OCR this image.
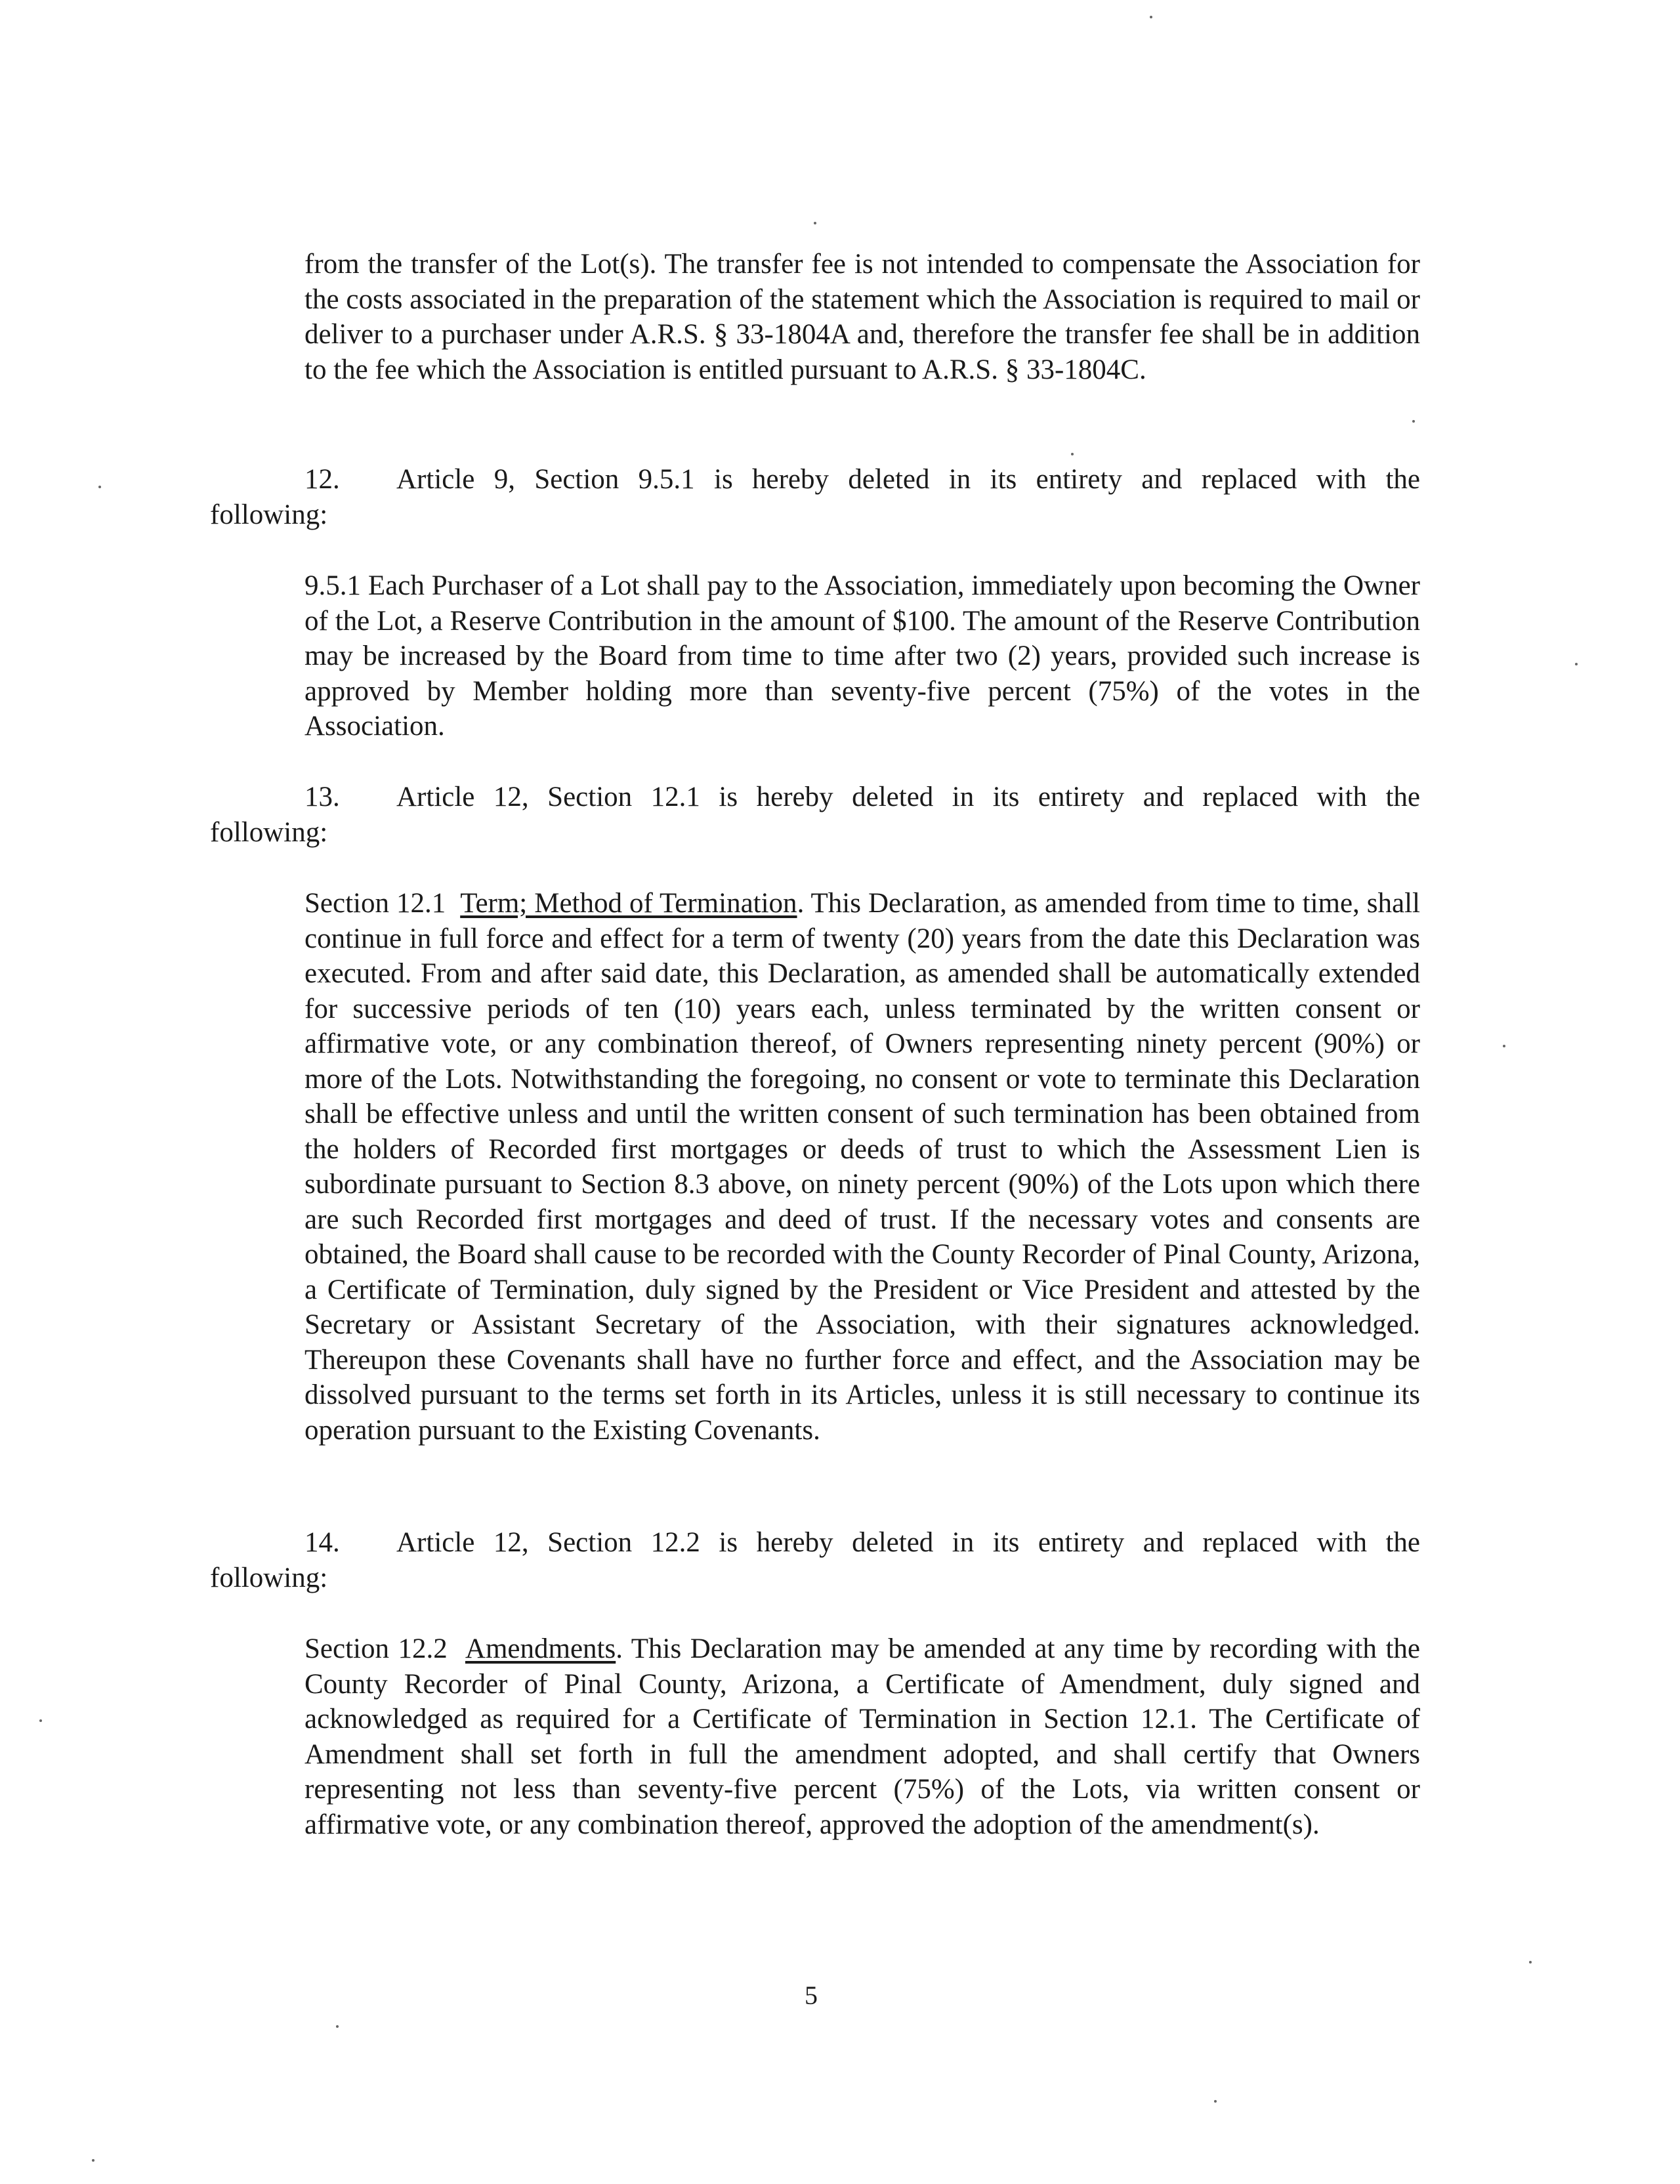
from the transfer of the Lot(s). The transfer fee is not intended to compensate the Association for the costs associated in the preparation of the statement which the Association is required to mail or deliver to a purchaser under A.R.S. § 33-1804A and, therefore the transfer fee shall be in addition to the fee which the Association is entitled pursuant to A.R.S. § 33-1804C.

12.	Article 9, Section 9.5.1 is hereby deleted in its entirety and replaced with the
following:

9.5.1 Each Purchaser of a Lot shall pay to the Association, immediately upon becoming the Owner of the Lot, a Reserve Contribution in the amount of $100. The amount of the Reserve Contribution may be increased by the Board from time to time after two (2) years, provided such increase is approved by Member holding more than seventy-five percent (75%) of the votes in the Association.

13.	Article 12, Section 12.1 is hereby deleted in its entirety and replaced with the
following:

Section 12.1 Term; Method of Termination. This Declaration, as amended from time to time, shall continue in full force and effect for a term of twenty (20) years from the date this Declaration was executed. From and after said date, this Declaration, as amended shall be automatically extended for successive periods of ten (10) years each, unless terminated by the written consent or affirmative vote, or any combination thereof, of Owners representing ninety percent (90%) or more of the Lots. Notwithstanding the foregoing, no consent or vote to terminate this Declaration shall be effective unless and until the written consent of such termination has been obtained from the holders of Recorded first mortgages or deeds of trust to which the Assessment Lien is subordinate pursuant to Section 8.3 above, on ninety percent (90%) of the Lots upon which there are such Recorded first mortgages and deed of trust. If the necessary votes and consents are obtained, the Board shall cause to be recorded with the County Recorder of Pinal County, Arizona, a Certificate of Termination, duly signed by the President or Vice President and attested by the Secretary or Assistant Secretary of the Association, with their signatures acknowledged. Thereupon these Covenants shall have no further force and effect, and the Association may be dissolved pursuant to the terms set forth in its Articles, unless it is still necessary to continue its operation pursuant to the Existing Covenants.

14.	Article 12, Section 12.2 is hereby deleted in its entirety and replaced with the
following:

Section 12.2 Amendments. This Declaration may be amended at any time by recording with the County Recorder of Pinal County, Arizona, a Certificate of Amendment, duly signed and acknowledged as required for a Certificate of Termination in Section 12.1. The Certificate of Amendment shall set forth in full the amendment adopted, and shall certify that Owners representing not less than seventy-five percent (75%) of the Lots, via written consent or affirmative vote, or any combination thereof, approved the adoption of the amendment(s).

5
